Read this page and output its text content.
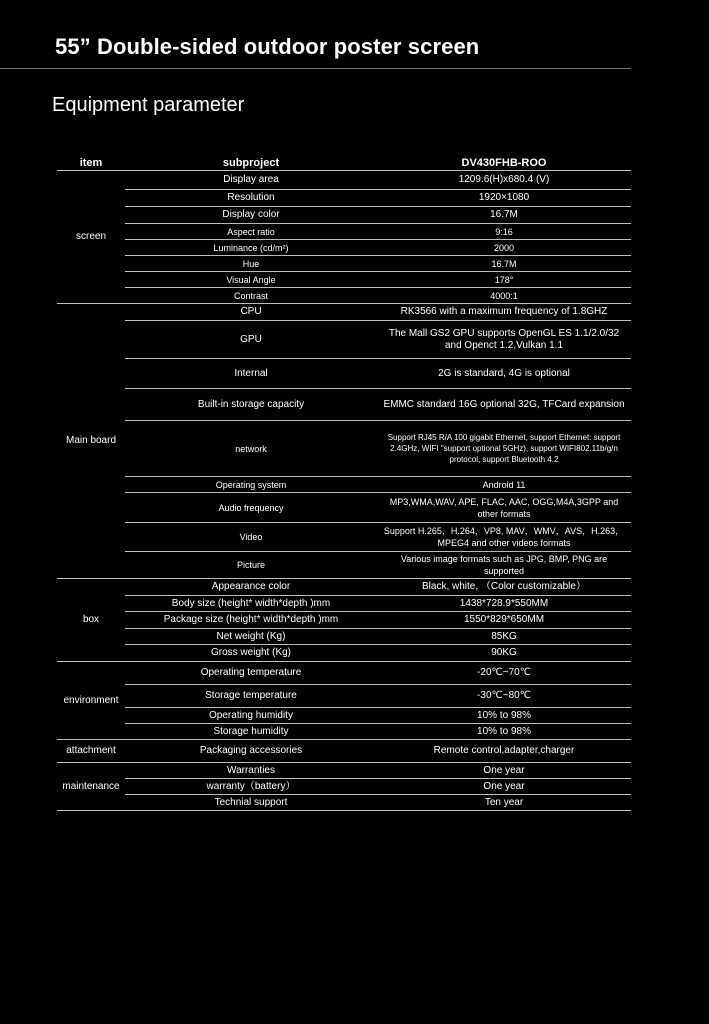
55” Double-sided outdoor poster screen
Equipment parameter
item	subproject	DV430FHB-ROO
screen	Display area	1209.6(H)x680.4 (V)
	Resolution	1920×1080
	Display color	16.7M
	Aspect ratio	9:16
	Luminance (cd/m²)	2000
	Hue	16.7M
	Visual Angle	178°
	Contrast	4000:1
Main board	CPU	RK3566 with a maximum frequency of 1.8GHZ
	GPU	The Mall GS2 GPU supports OpenGL ES 1.1/2.0/32 and Openct 1.2,Vulkan 1.1
	Internal	2G is standard, 4G is optional
	Built-in storage capacity	EMMC standard 16G optional 32G, TFCard expansion
	network	Support RJ45 R/A 100 gigabit Ethernet, support Ethernet: support 2.4GHz, WIFI "support optional 5GHz), support WIFI802.11b/g/n protocol, support Bluetooth 4.2
	Operating system	Android 11
	Audio frequency	MP3,WMA,WAV, APE, FLAC, AAC, OGG,M4A,3GPP and other formats
	Video	Support H.265，H.264，VP8, MAV，WMV，AVS，H.263，MPEG4 and other videos formats
	Picture	Various image formats such as JPG, BMP, PNG are supported
box	Appearance color	Black, white, （Color customizable）
	Body size (height* width*depth )mm	1438*728.9*550MM
	Package size (height* width*depth )mm	1550*829*650MM
	Net weight (Kg)	85KG
	Gross weight (Kg)	90KG
environment	Operating temperature	-20℃~70℃
	Storage temperature	-30℃~80℃
	Operating humidity	10% to 98%
	Storage humidity	10% to 98%
attachment	Packaging accessories	Remote control,adapter,charger
maintenance	Warranties	One year
	warranty（battery）	One year
	Technial support	Ten year
